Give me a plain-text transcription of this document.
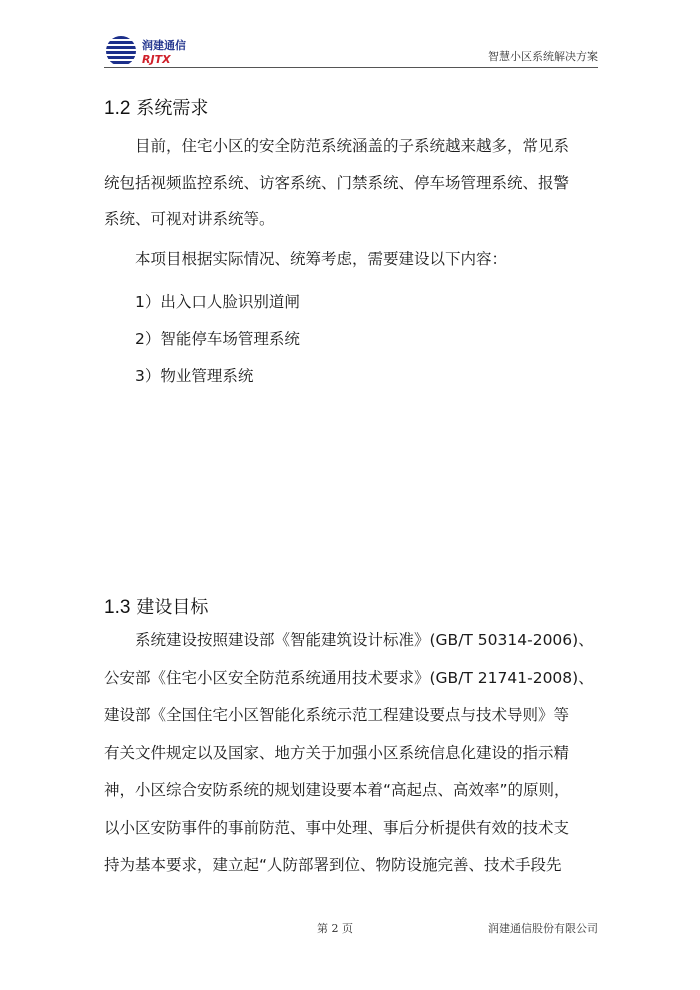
润建通信
RJTX	智慧小区系统解决方案
1.2 系统需求
目前，住宅小区的安全防范系统涵盖的子系统越来越多，常见系
统包括视频监控系统、访客系统、门禁系统、停车场管理系统、报警
系统、可视对讲系统等。
本项目根据实际情况、统筹考虑，需要建设以下内容：
1）出入口人脸识别道闸
2）智能停车场管理系统
3）物业管理系统
1.3 建设目标
系统建设按照建设部《智能建筑设计标准》(GB/T 50314-2006)、
公安部《住宅小区安全防范系统通用技术要求》(GB/T 21741-2008)、
建设部《全国住宅小区智能化系统示范工程建设要点与技术导则》等
有关文件规定以及国家、地方关于加强小区系统信息化建设的指示精
神，小区综合安防系统的规划建设要本着“高起点、高效率”的原则，
以小区安防事件的事前防范、事中处理、事后分析提供有效的技术支
持为基本要求，建立起“人防部署到位、物防设施完善、技术手段先
第 2 页	润建通信股份有限公司
